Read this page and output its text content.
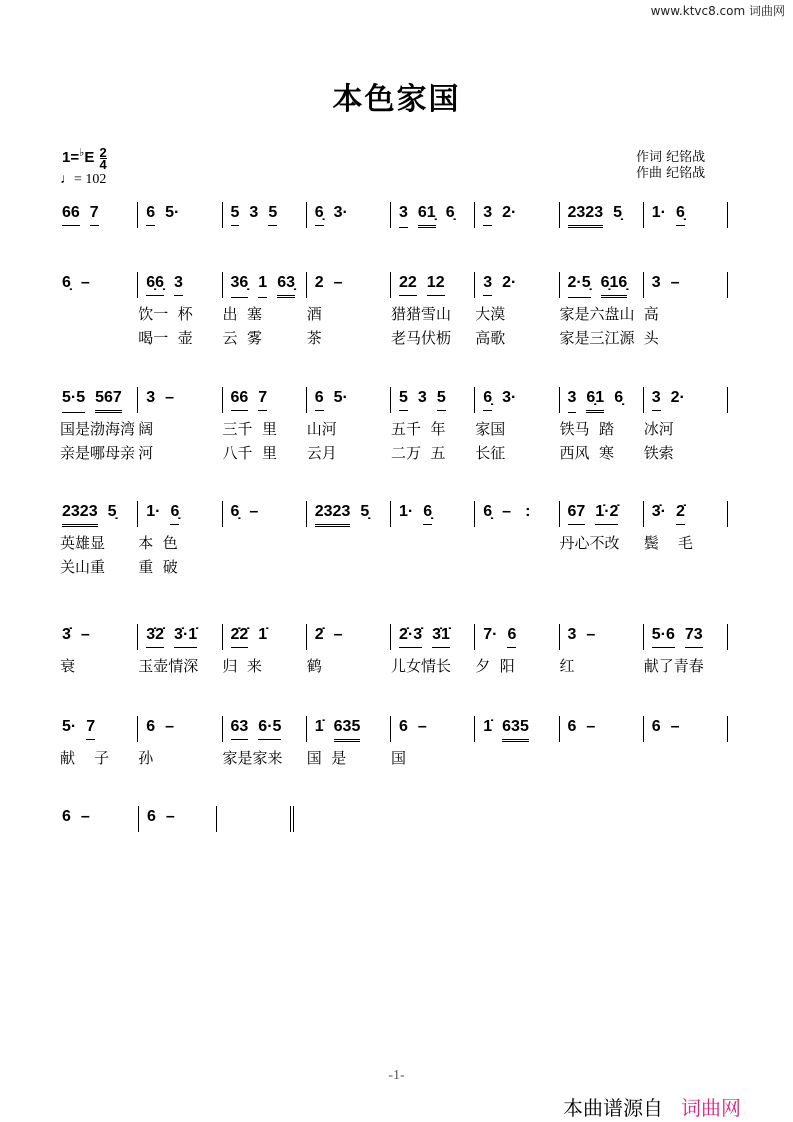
www.ktvc8.com 词曲网
本色家国
$1=^♭E \frac{2}{4}$
♩= 102
作词 纪铭战
作曲 纪铭战
66 7	6 5·	5 3 5 6̣ 3·	3 61̣ 6̣ 3 2·	2323 5̣ 1· 6̣
6̣ –	6̣6̣ 3
饮一  杯
喝一  壶
36̣ 1 63̣
出  塞
云  雾
2 –
酒
茶
22 12
猎猎雪山
老马伏枥
3 2·
大漠
高歌
2·5̣ 6̣16̣
家是六盘山
家是三江源
3 –
高
头
5·5 567
国是渤海湾
亲是哪母亲
3 –
阔
河
66 7
三千  里
八千  里
6 5·
山河
云月
5 3 5
五千  年
二万  五
6̣ 3·
家国
长征
3 6̣1 6̣
铁马  踏
西风  寒
3 2·
冰河
铁索
2323 5̣
英雄显
关山重
1· 6̣
本  色
重  破
6̣ –	2323 5̣ 1· 6̣	6̣ – : 67 1̇·2̇
丹心不改
3̇· 2̇
鬓    毛
3̇ –
衰
3̇2̇ 3̇·1̇
玉壶情深
2̇2̇ 1̇
归  来
2̇ –
鹤
2̇·3̇ 3̇1̇
儿女情长
7· 6
夕  阳
3 –
红
5·6 73
献了青春
5· 7
献    子
6 –
孙
63 6·5
家是家来
1̇ 635
国  是
6 –
国
1̇ 635 6 –	6 –
6 –	6 –
-1-
本曲谱源自 词曲网
